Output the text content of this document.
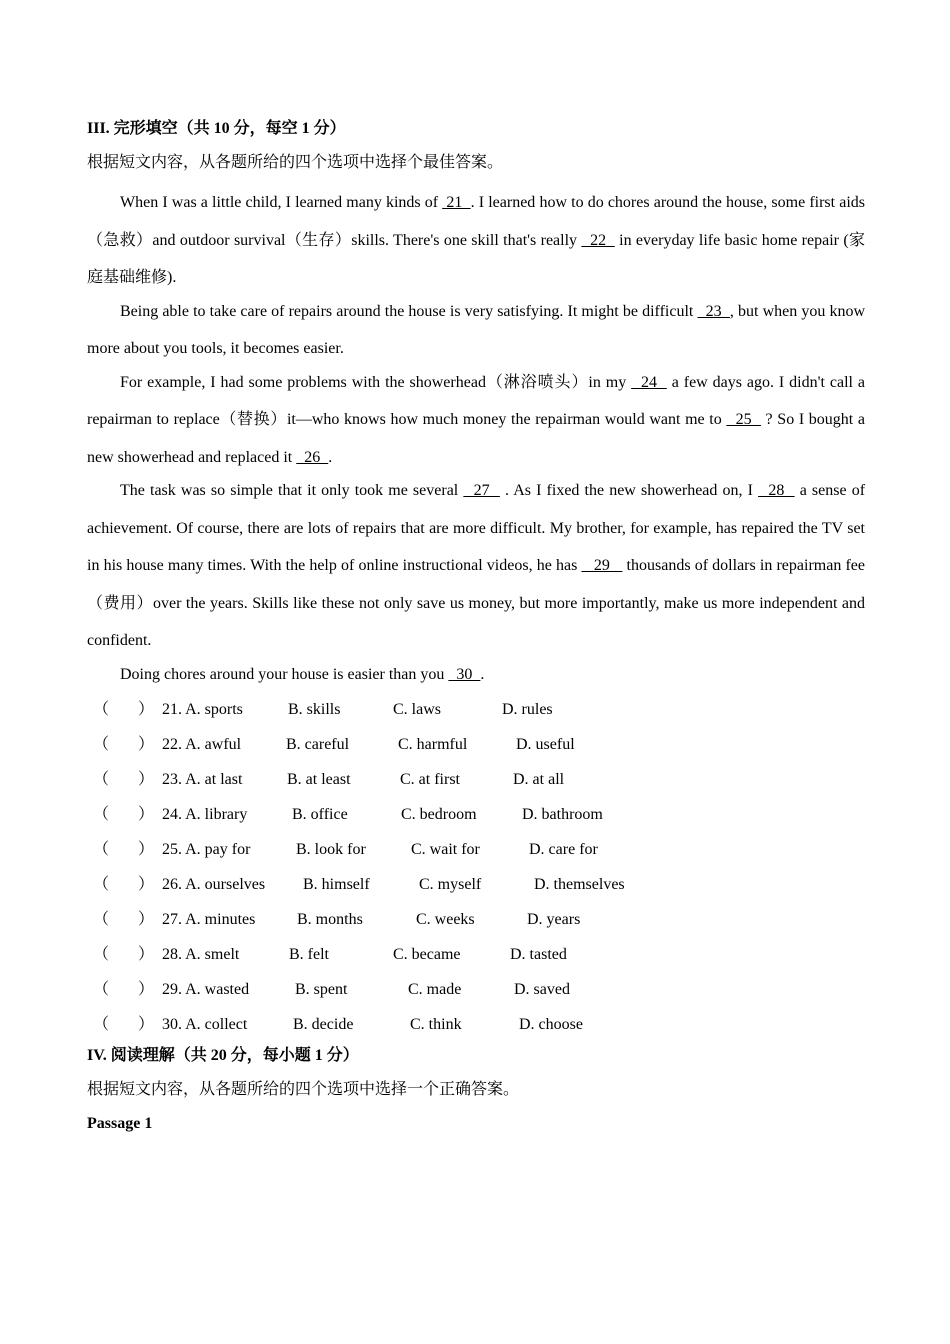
III. 完形填空（共 10 分，每空 1 分）
根据短文内容，从各题所给的四个选项中选择个最佳答案。

When I was a little child, I learned many kinds of  21  . I learned how to do chores around the house, some first aids（急救）and outdoor survival（生存）skills. There's one skill that's really   22   in everyday life basic home repair (家庭基础维修).

Being able to take care of repairs around the house is very satisfying. It might be difficult   23  , but when you know more about you tools, it becomes easier.

For example, I had some problems with the showerhead（淋浴喷头）in my   24   a few days ago. I didn't call a repairman to replace（替换）it—who knows how much money the repairman would want me to   25   ? So I bought a new showerhead and replaced it   26  .

The task was so simple that it only took me several   27   . As I fixed the new showerhead on, I   28   a sense of achievement. Of course, there are lots of repairs that are more difficult. My brother, for example, has repaired the TV set in his house many times. With the help of online instructional videos, he has    29    thousands of dollars in repairman fee（费用）over the years. Skills like these not only save us money, but more importantly, make us more independent and confident.

Doing chores around your house is easier than you   30  .

（ ） 21. A. sports	B. skills	C. laws	D. rules
（ ） 22. A. awful	B. careful	C. harmful	D. useful
（ ） 23. A. at last	B. at least	C. at first	D. at all
（ ） 24. A. library	B. office	C. bedroom	D. bathroom
（ ） 25. A. pay for	B. look for	C. wait for	D. care for
（ ） 26. A. ourselves B. himself	C. myself	D. themselves
（ ） 27. A. minutes	B. months	C. weeks	D. years
（ ） 28. A. smelt	B. felt	C. became	D. tasted
（ ） 29. A. wasted	B. spent	C. made	D. saved
（ ） 30. A. collect	B. decide	C. think	D. choose
IV. 阅读理解（共 20 分，每小题 1 分）
根据短文内容，从各题所给的四个选项中选择一个正确答案。
Passage 1
